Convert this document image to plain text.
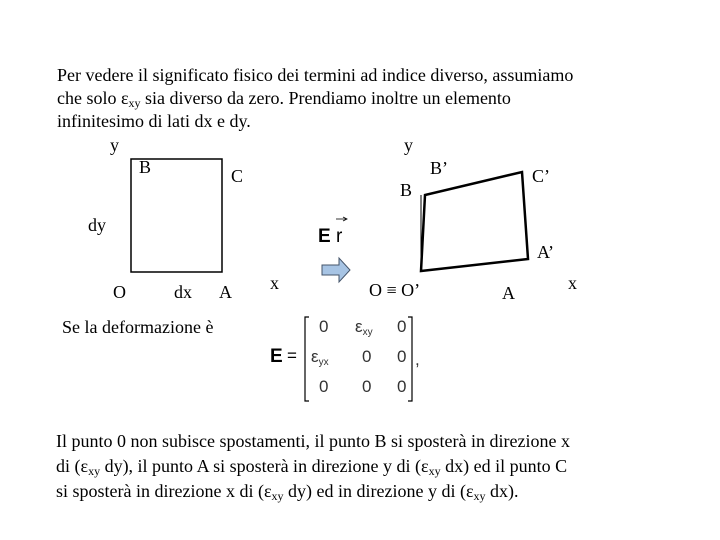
Per vedere il significato fisico dei termini ad indice diverso, assumiamo
che solo $\varepsilon_{xy}$ sia diverso da zero. Prendiamo inoltre un elemento
infinitesimo di lati dx e dy.
y
B	C
dy
O	dx A x
E r
y
B’	C’
B
A’
O ≡ O’	A	x
Se la deformazione è
E =
0 $\varepsilon_{xy}$ 0
$\varepsilon_{yx}$ 0 0
0 0 0
,
Il punto 0 non subisce spostamenti, il punto B si sposterà in direzione x
di ($\varepsilon_{xy}$ dy), il punto A si sposterà in direzione y di ($\varepsilon_{xy}$ dx) ed il punto C
si sposterà in direzione x di ($\varepsilon_{xy}$ dy) ed in direzione y di ($\varepsilon_{xy}$ dx).
